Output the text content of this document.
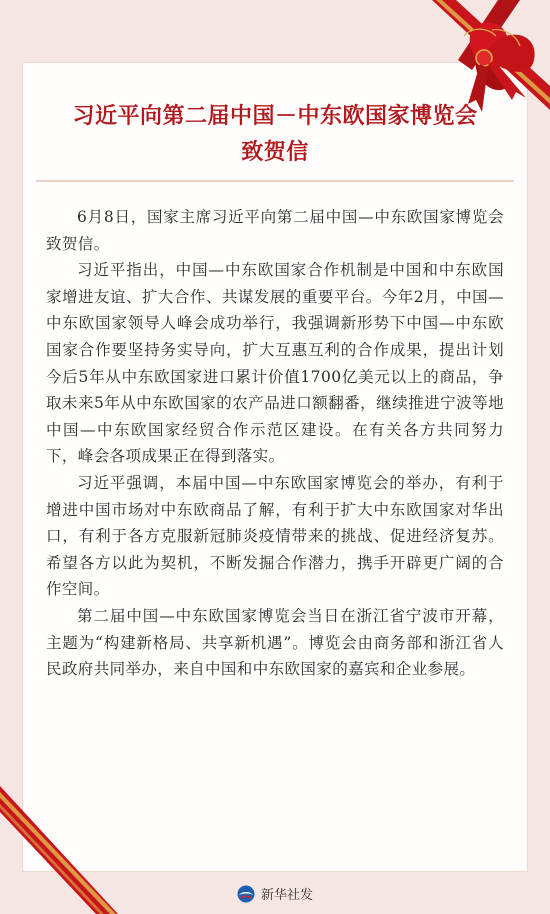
习近平向第二届中国－中东欧国家博览会
致贺信

6月8日，国家主席习近平向第二届中国—中东欧国家博览会致贺信。

习近平指出，中国—中东欧国家合作机制是中国和中东欧国家增进友谊、扩大合作、共谋发展的重要平台。今年2月，中国—中东欧国家领导人峰会成功举行，我强调新形势下中国—中东欧国家合作要坚持务实导向，扩大互惠互利的合作成果，提出计划今后5年从中东欧国家进口累计价值1700亿美元以上的商品，争取未来5年从中东欧国家的农产品进口额翻番，继续推进宁波等地中国—中东欧国家经贸合作示范区建设。在有关各方共同努力下，峰会各项成果正在得到落实。

习近平强调，本届中国—中东欧国家博览会的举办，有利于增进中国市场对中东欧商品了解，有利于扩大中东欧国家对华出口，有利于各方克服新冠肺炎疫情带来的挑战、促进经济复苏。希望各方以此为契机，不断发掘合作潜力，携手开辟更广阔的合作空间。

第二届中国—中东欧国家博览会当日在浙江省宁波市开幕，主题为“构建新格局、共享新机遇”。博览会由商务部和浙江省人民政府共同举办，来自中国和中东欧国家的嘉宾和企业参展。

新华社发
